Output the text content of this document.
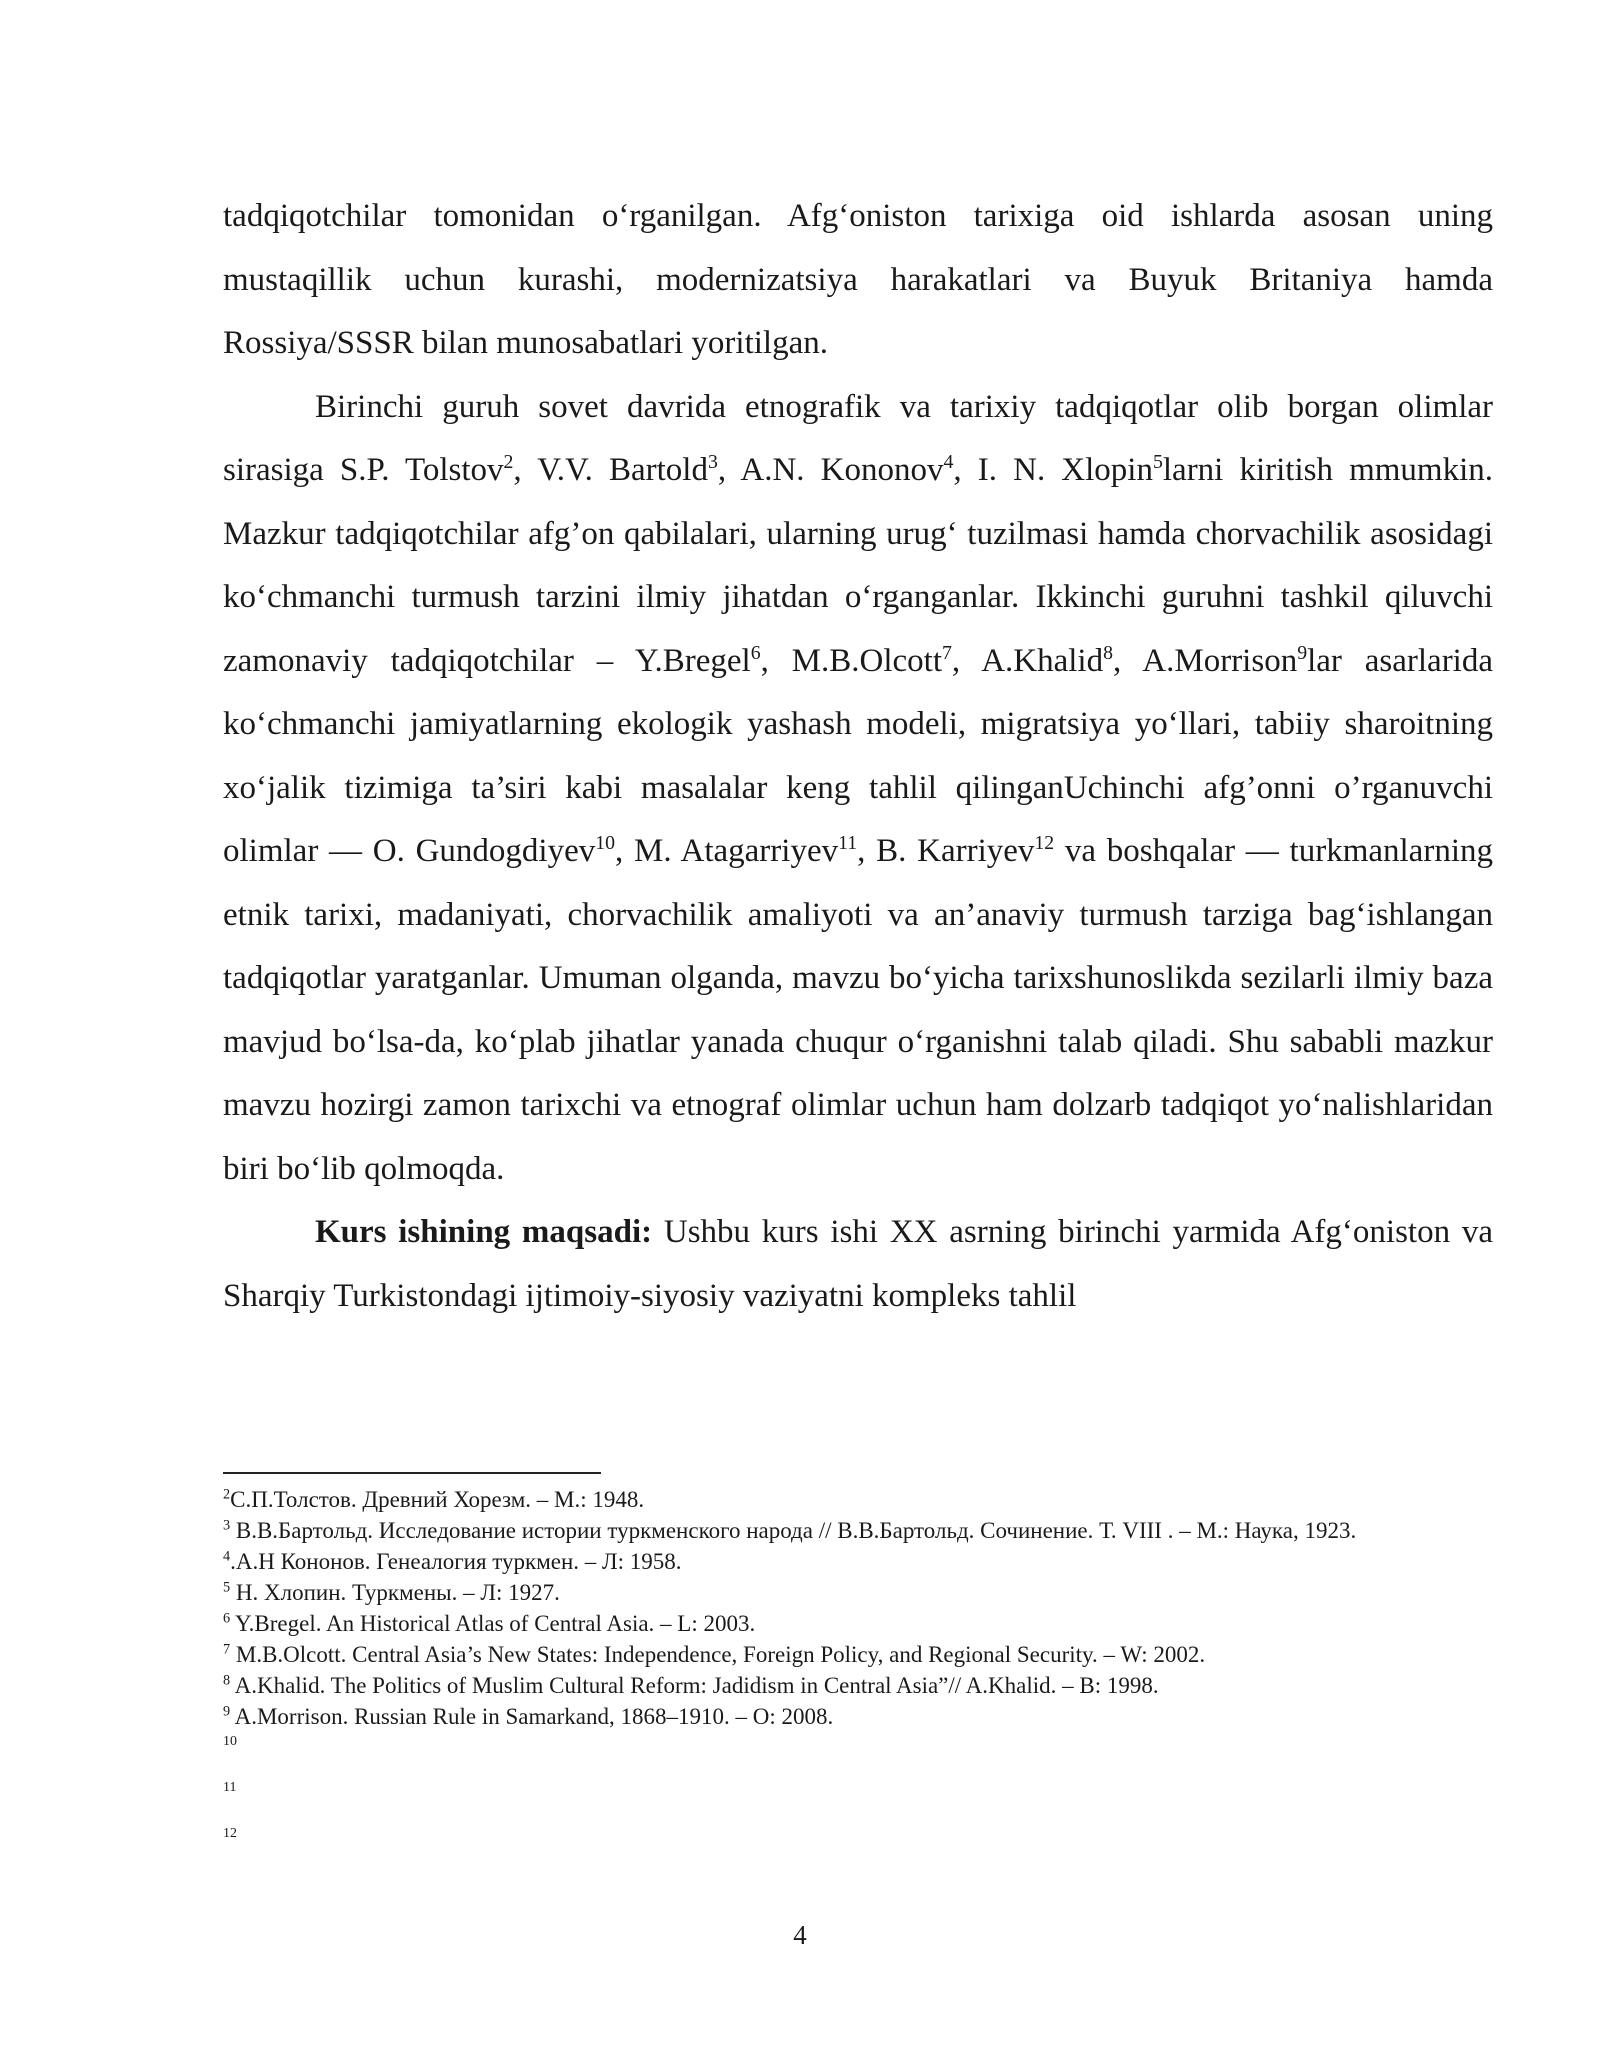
tadqiqotchilar tomonidan o‘rganilgan. Afg‘oniston tarixiga oid ishlarda asosan uning mustaqillik uchun kurashi, modernizatsiya harakatlari va Buyuk Britaniya hamda Rossiya/SSSR bilan munosabatlari yoritilgan.

Birinchi guruh sovet davrida etnografik va tarixiy tadqiqotlar olib borgan olimlar sirasiga S.P. Tolstov$^2$, V.V. Bartold$^3$, A.N. Kononov$^4$, I. N. Xlopin$^5$larni kiritish mmumkin. Mazkur tadqiqotchilar afg’on qabilalari, ularning urug‘ tuzilmasi hamda chorvachilik asosidagi ko‘chmanchi turmush tarzini ilmiy jihatdan o‘rganganlar. Ikkinchi guruhni tashkil qiluvchi zamonaviy tadqiqotchilar – Y.Bregel$^6$, M.B.Olcott$^7$, A.Khalid$^8$, A.Morrison$^9$lar asarlarida ko‘chmanchi jamiyatlarning ekologik yashash modeli, migratsiya yo‘llari, tabiiy sharoitning xo‘jalik tizimiga ta’siri kabi masalalar keng tahlil qilinganUchinchi afg’onni o’rganuvchi olimlar — O. Gundogdiyev$^{10}$, M. Atagarriyev$^{11}$, B. Karriyev$^{12}$ va boshqalar — turkmanlarning etnik tarixi, madaniyati, chorvachilik amaliyoti va an’anaviy turmush tarziga bag‘ishlangan tadqiqotlar yaratganlar. Umuman olganda, mavzu bo‘yicha tarixshunoslikda sezilarli ilmiy baza mavjud bo‘lsa-da, ko‘plab jihatlar yanada chuqur o‘rganishni talab qiladi. Shu sababli mazkur mavzu hozirgi zamon tarixchi va etnograf olimlar uchun ham dolzarb tadqiqot yo‘nalishlaridan biri bo‘lib qolmoqda.

Kurs ishining maqsadi: Ushbu kurs ishi XX asrning birinchi yarmida Afg‘oniston va Sharqiy Turkistondagi ijtimoiy-siyosiy vaziyatni kompleks tahlil

$^2$С.П.Толстов. Древний Хорезм. – М.: 1948.
$^3$ В.В.Бартольд. Исследование истории туркменского народа // В.В.Бартольд. Сочинение. Т. VIII . – М.: Наука, 1923.
$^4$.А.Н Кононов. Генеалогия туркмен. – Л: 1958.
$^5$ Н. Хлопин. Туркмены. – Л: 1927.
$^6$ Y.Bregel. An Historical Atlas of Central Asia. – L: 2003.
$^7$ M.B.Olcott. Central Asia’s New States: Independence, Foreign Policy, and Regional Security. – W: 2002.
$^8$ A.Khalid. The Politics of Muslim Cultural Reform: Jadidism in Central Asia”// A.Khalid. – B: 1998.
$^9$ A.Morrison. Russian Rule in Samarkand, 1868–1910. – O: 2008.
10
11
12
4
